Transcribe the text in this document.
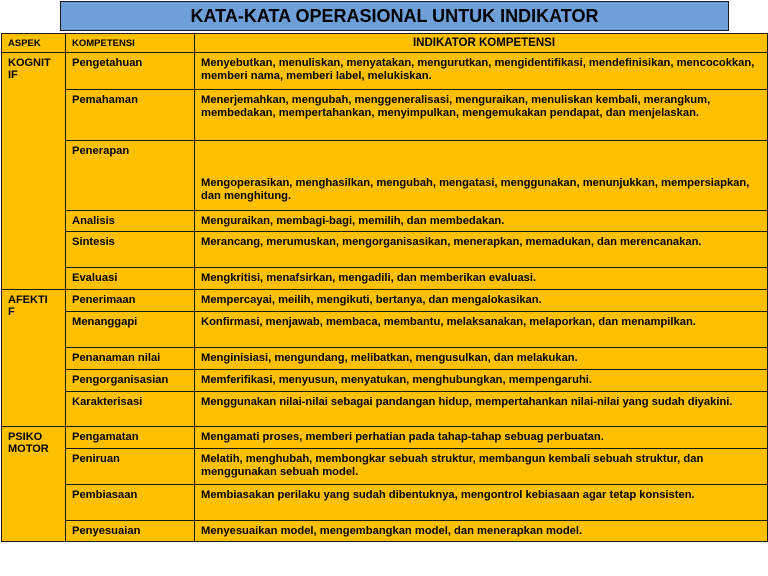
KATA-KATA OPERASIONAL UNTUK INDIKATOR
ASPEK	KOMPETENSI	INDIKATOR KOMPETENSI

KOGNITIF	Pengetahuan	Menyebutkan, menuliskan, menyatakan, mengurutkan, mengidentifikasi, mendefinisikan, mencocokkan, memberi nama, memberi label, melukiskan.
	Pemahaman	Menerjemahkan, mengubah, menggeneralisasi, menguraikan, menuliskan kembali, merangkum, membedakan, mempertahankan, menyimpulkan, mengemukakan pendapat, dan menjelaskan.
	Penerapan	Mengoperasikan, menghasilkan, mengubah, mengatasi, menggunakan, menunjukkan, mempersiapkan, dan menghitung.
	Analisis	Menguraikan, membagi-bagi, memilih, dan membedakan.
	Sintesis	Merancang, merumuskan, mengorganisasikan, menerapkan, memadukan, dan merencanakan.
	Evaluasi	Mengkritisi, menafsirkan, mengadili, dan memberikan evaluasi.

AFEKTIF	Penerimaan	Mempercayai, meilih, mengikuti, bertanya, dan mengalokasikan.
	Menanggapi	Konfirmasi, menjawab, membaca, membantu, melaksanakan, melaporkan, dan menampilkan.
	Penanaman nilai	Menginisiasi, mengundang, melibatkan, mengusulkan, dan melakukan.
	Pengorganisasian	Memferifikasi, menyusun, menyatukan, menghubungkan, mempengaruhi.
	Karakterisasi	Menggunakan nilai-nilai sebagai pandangan hidup, mempertahankan nilai-nilai yang sudah diyakini.

PSIKO MOTOR	Pengamatan	Mengamati proses, memberi perhatian pada tahap-tahap sebuag perbuatan.
	Peniruan	Melatih, menghubah, membongkar sebuah struktur, membangun kembali sebuah struktur, dan menggunakan sebuah model.
	Pembiasaan	Membiasakan perilaku yang sudah dibentuknya, mengontrol kebiasaan agar tetap konsisten.
	Penyesuaian	Menyesuaikan model, mengembangkan model, dan menerapkan model.
